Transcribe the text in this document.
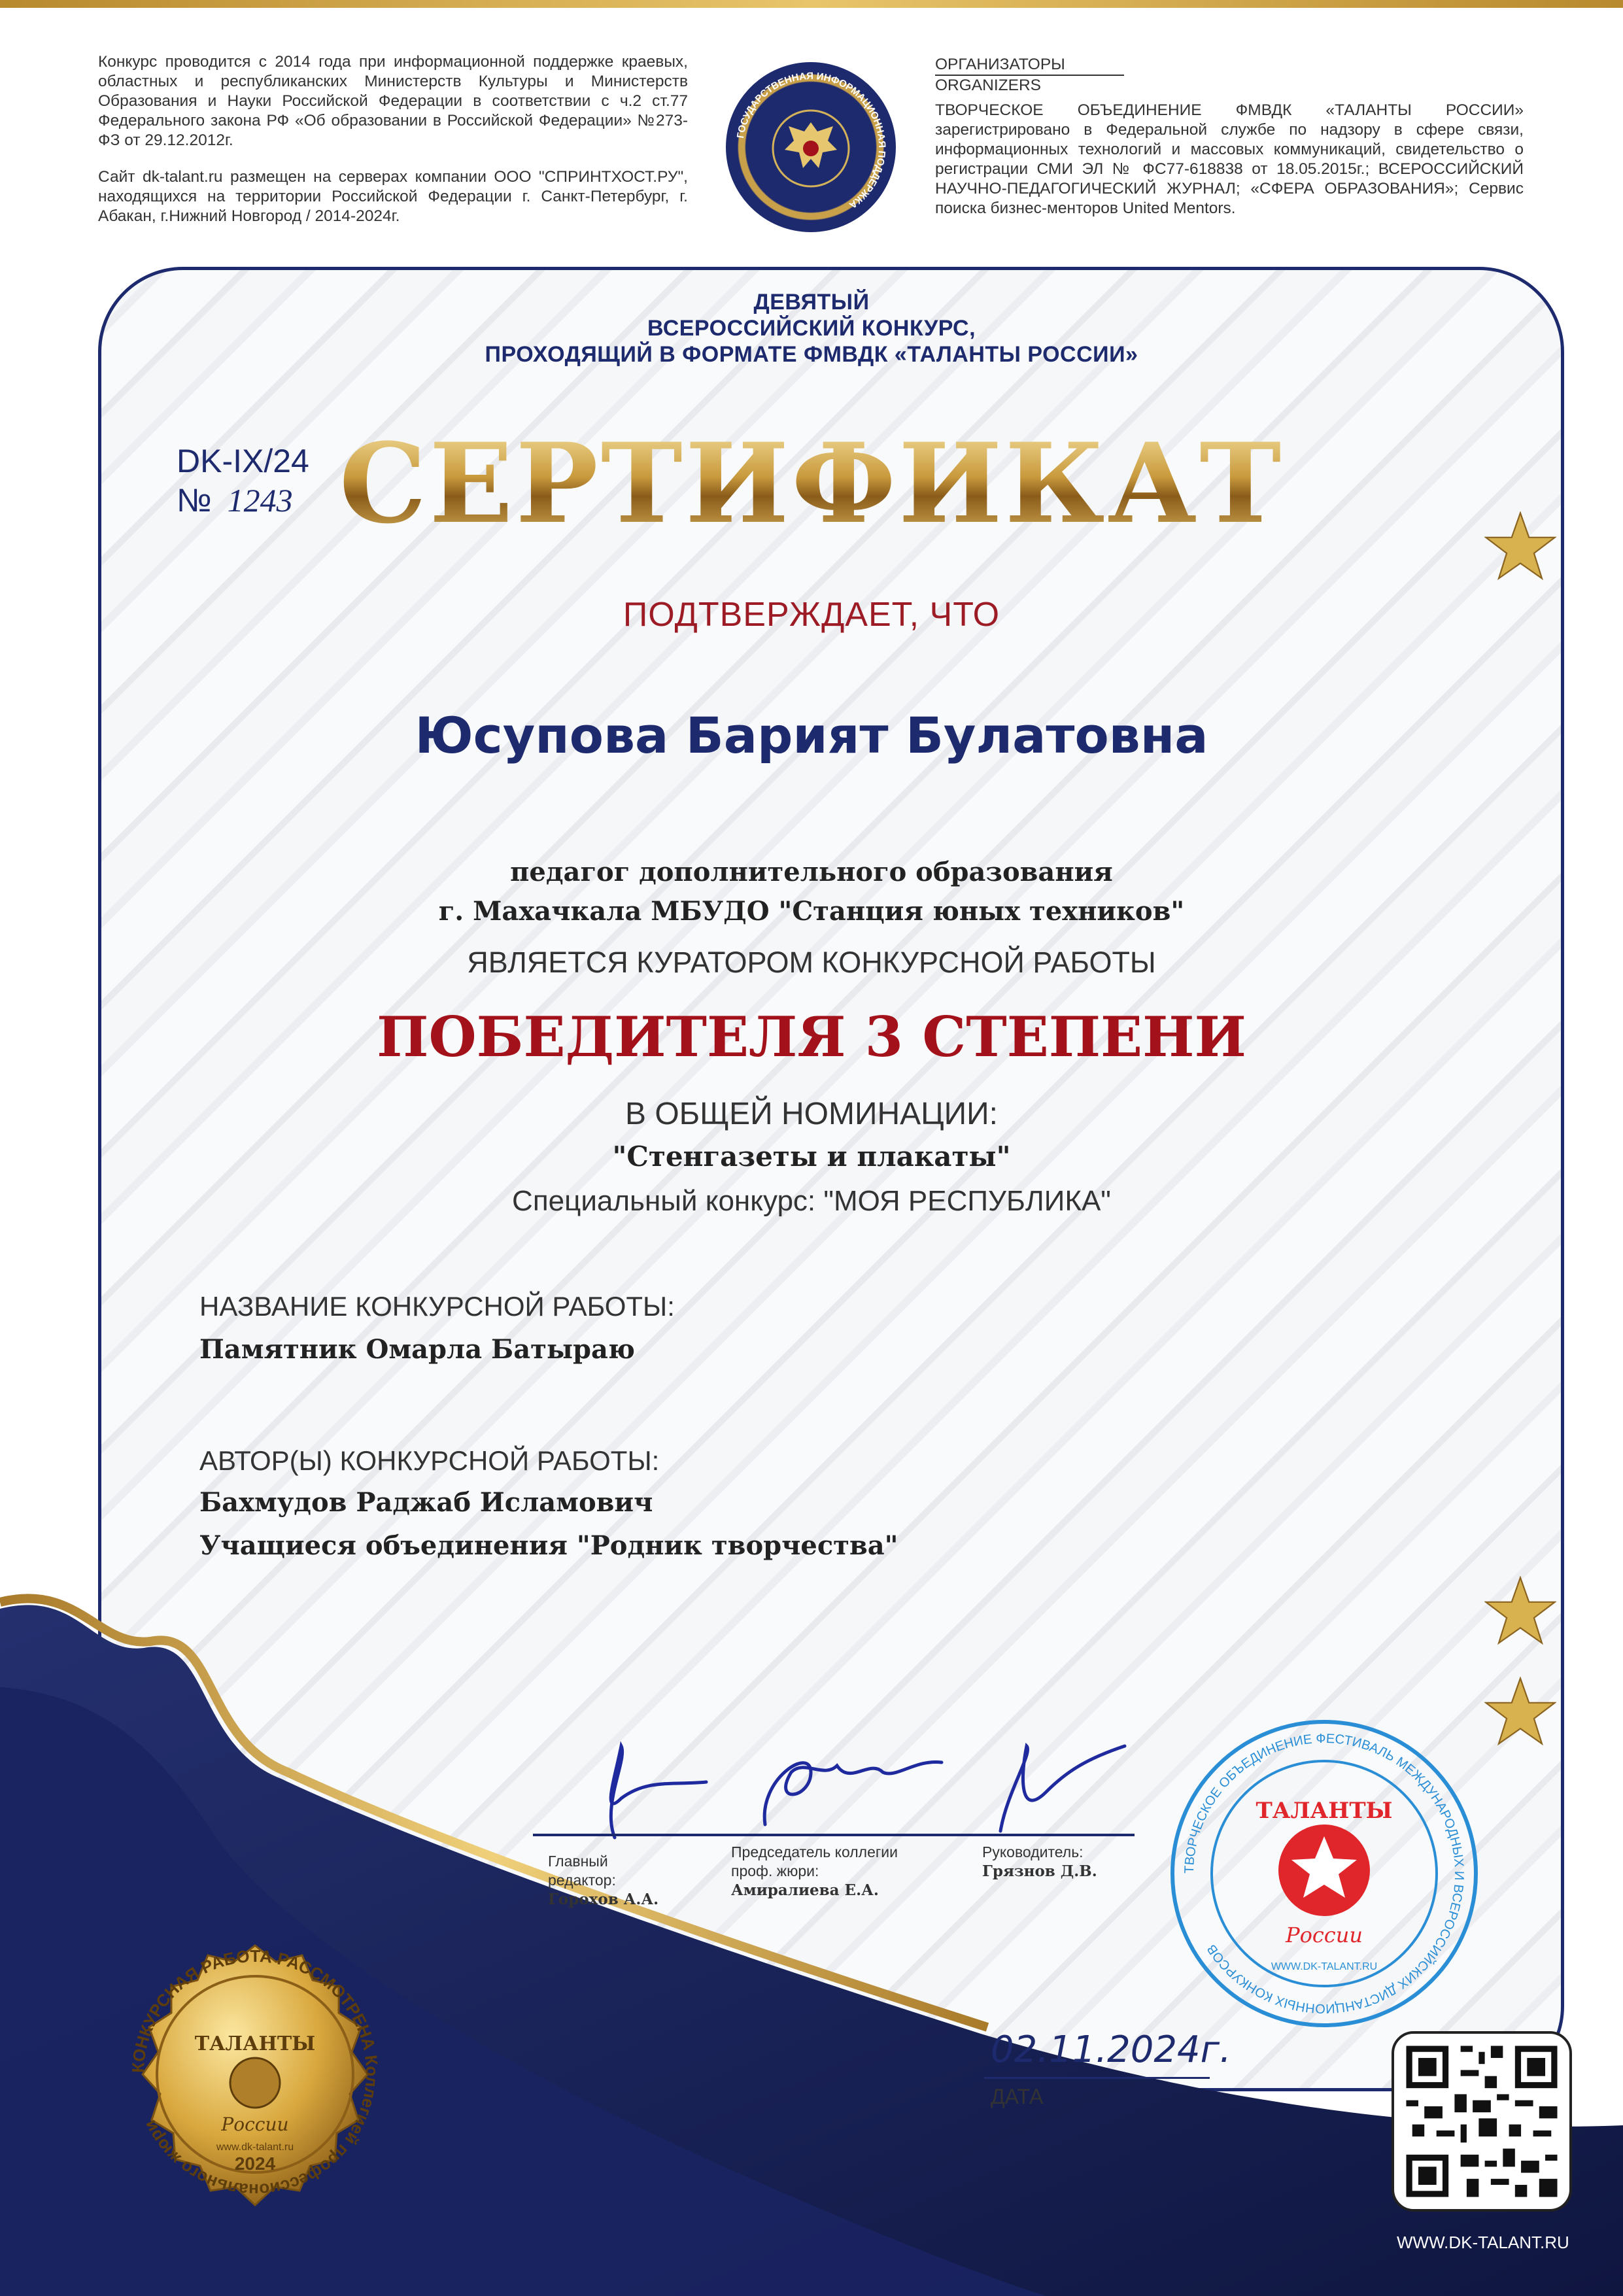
Конкурс проводится с 2014 года при информационной поддержке краевых, областных и республиканских Министерств Культуры и Министерств Образования и Науки Российской Федерации в соответствии с ч.2 ст.77 Федерального закона РФ «Об образовании в Российской Федерации» №273-ФЗ от 29.12.2012г.

Сайт dk-talant.ru размещен на серверах компании ООО "СПРИНТХОСТ.РУ", находящихся на территории Российской Федерации г. Санкт-Петербург, г. Абакан, г.Нижний Новгород / 2014-2024г.

ГОСУДАРСТВЕННАЯ ИНФОРМАЦИОННАЯ ПОДДЕРЖКА
ОРГАНИЗАТОРЫ
ORGANIZERS

ТВОРЧЕСКОЕ ОБЪЕДИНЕНИЕ ФМВДК «ТАЛАНТЫ РОССИИ» зарегистрировано в Федеральной службе по надзору в сфере связи, информационных технологий и массовых коммуникаций, свидетельство о регистрации СМИ ЭЛ № ФС77-618838 от 18.05.2015г.; ВСЕРОССИЙСКИЙ НАУЧНО-ПЕДАГОГИЧЕСКИЙ ЖУРНАЛ; «СФЕРА ОБРАЗОВАНИЯ»; Сервис поиска бизнес-менторов United Mentors.

ДЕВЯТЫЙ
ВСЕРОССИЙСКИЙ КОНКУРС,
ПРОХОДЯЩИЙ В ФОРМАТЕ ФМВДК «ТАЛАНТЫ РОССИИ»
СЕРТИФИКАТ
ПОДТВЕРЖДАЕТ, ЧТО
Юсупова Барият Булатовна
педагог дополнительного образования
г. Махачкала МБУДО "Станция юных техников"
ЯВЛЯЕТСЯ КУРАТОРОМ КОНКУРСНОЙ РАБОТЫ
ПОБЕДИТЕЛЯ 3 СТЕПЕНИ
В ОБЩЕЙ НОМИНАЦИИ:
"Стенгазеты и плакаты"
Специальный конкурс: "МОЯ РЕСПУБЛИКА"
НАЗВАНИЕ КОНКУРСНОЙ РАБОТЫ:
Памятник Омарла Батыраю
АВТОР(Ы) КОНКУРСНОЙ РАБОТЫ:
Бахмудов Раджаб Исламович
Учащиеся объединения "Родник творчества"
Главный
редактор:
Горохов А.А.
Председатель коллегии
проф. жюри:
Амиралиева Е.А.
Руководитель:
Грязнов Д.В.	ТВОРЧЕСКОЕ ОБЪЕДИНЕНИЕ ФЕСТИВАЛЬ МЕЖДУНАРОДНЫХ И ВСЕРОССИЙСКИХ ДИСТАНЦИОННЫХ КОНКУРСОВ
ТАЛАНТЫ
России
WWW.DK-TALANT.RU
02.11.2024г.
ДАТА
КОНКУРСНАЯ РАБОТА РАССМОТРЕНА Коллегией профессионального жюри
ТАЛАНТЫ
России
www.dk-talant.ru
2024
WWW.DK-TALANT.RU
